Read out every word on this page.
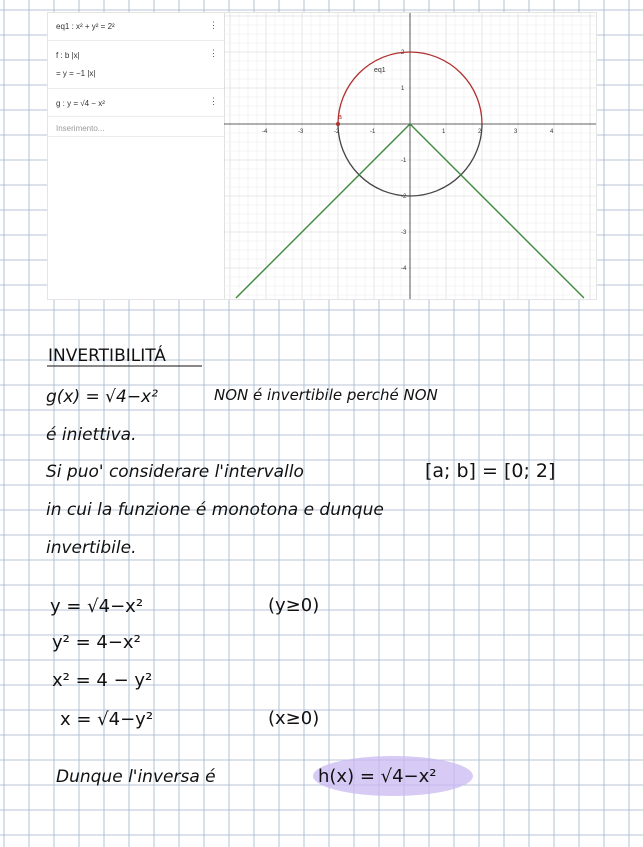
eq1 : x² + y² = 2²	⋮
f : b |x|	⋮
= y = −1 |x|
g : y = √4 − x²	⋮
Inserimento...	-4	-3	-2	-1	1	2	3	4
2
1
-1
-2
-3
-4
a
eq1
INVERTIBILITÁ
g(x) = √4−x²	NON é invertibile perché NON
é iniettiva.
Si puo' considerare l'intervallo	[a; b] = [0; 2]
in cui la funzione é monotona e dunque
invertibile.
y = √4−x²	(y≥0)
y² = 4−x²
x² = 4 − y²
x = √4−y²	(x≥0)
Dunque l'inversa é	h(x) = √4−x²
